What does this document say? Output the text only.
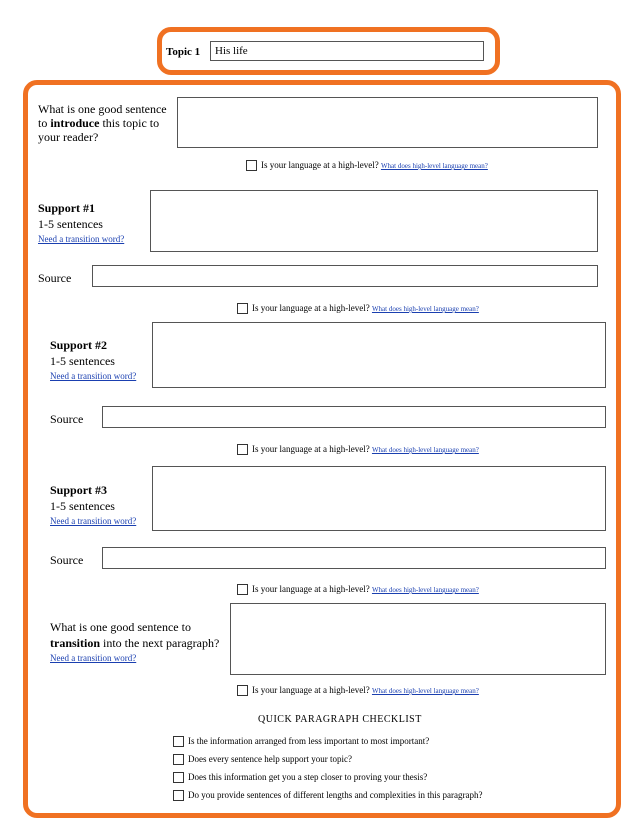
Topic 1	His life
What is one good sentence
to introduce this topic to
your reader?
Is your language at a high-level? What does high-level language mean?
Support #1
1-5 sentences
Need a transition word?
Source
Is your language at a high-level? What does high-level language mean?
Support #2
1-5 sentences
Need a transition word?
Source
Is your language at a high-level? What does high-level language mean?
Support #3
1-5 sentences
Need a transition word?
Source
Is your language at a high-level? What does high-level language mean?
What is one good sentence to
transition into the next paragraph?
Need a transition word?
Is your language at a high-level? What does high-level language mean?
QUICK PARAGRAPH CHECKLIST
Is the information arranged from less important to most important?
Does every sentence help support your topic?
Does this information get you a step closer to proving your thesis?
Do you provide sentences of different lengths and complexities in this paragraph?
